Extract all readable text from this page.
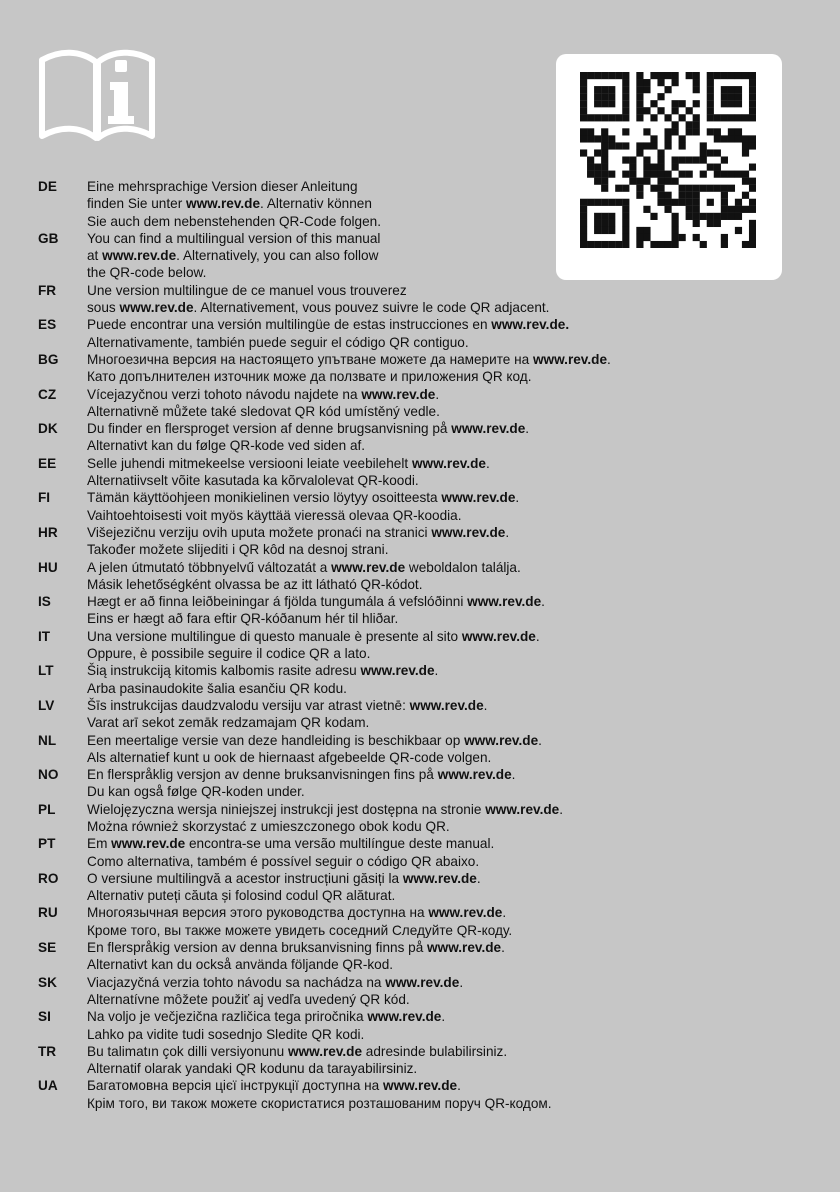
DE	Eine mehrsprachige Version dieser Anleitung
finden Sie unter www.rev.de. Alternativ können
Sie auch dem nebenstehenden QR-Code folgen.
GB	You can find a multilingual version of this manual
at www.rev.de. Alternatively, you can also follow
the QR-code below.
FR	Une version multilingue de ce manuel vous trouverez
sous www.rev.de. Alternativement, vous pouvez suivre le code QR adjacent.
ES	Puede encontrar una versión multilingüe de estas instrucciones en www.rev.de.
Alternativamente, también puede seguir el código QR contiguo.
BG	Многоезична версия на настоящето упътване можете да намерите на www.rev.de.
Като допълнителен източник може да ползвате и приложения QR код.
CZ	Vícejazyčnou verzi tohoto návodu najdete na www.rev.de.
Alternativně můžete také sledovat QR kód umístěný vedle.
DK	Du finder en flersproget version af denne brugsanvisning på www.rev.de.
Alternativt kan du følge QR-kode ved siden af.
EE	Selle juhendi mitmekeelse versiooni leiate veebilehelt www.rev.de.
Alternatiivselt võite kasutada ka kõrvalolevat QR-koodi.
FI	Tämän käyttöohjeen monikielinen versio löytyy osoitteesta www.rev.de.
Vaihtoehtoisesti voit myös käyttää vieressä olevaa QR-koodia.
HR	Višejezičnu verziju ovih uputa možete pronaći na stranici www.rev.de.
Također možete slijediti i QR kôd na desnoj strani.
HU	A jelen útmutató többnyelvű változatát a www.rev.de weboldalon találja.
Másik lehetőségként olvassa be az itt látható QR-kódot.
IS	Hægt er að finna leiðbeiningar á fjölda tungumála á vefslóðinni www.rev.de.
Eins er hægt að fara eftir QR-kóðanum hér til hliðar.
IT	Una versione multilingue di questo manuale è presente al sito www.rev.de.
Oppure, è possibile seguire il codice QR a lato.
LT	Šią instrukciją kitomis kalbomis rasite adresu www.rev.de.
Arba pasinaudokite šalia esančiu QR kodu.
LV	Šīs instrukcijas daudzvalodu versiju var atrast vietnē: www.rev.de.
Varat arī sekot zemāk redzamajam QR kodam.
NL	Een meertalige versie van deze handleiding is beschikbaar op www.rev.de.
Als alternatief kunt u ook de hiernaast afgebeelde QR-code volgen.
NO	En flerspråklig versjon av denne bruksanvisningen fins på www.rev.de.
Du kan også følge QR-koden under.
PL	Wielojęzyczna wersja niniejszej instrukcji jest dostępna na stronie www.rev.de.
Można również skorzystać z umieszczonego obok kodu QR.
PT	Em www.rev.de encontra-se uma versão multilíngue deste manual.
Como alternativa, também é possível seguir o código QR abaixo.
RO	O versiune multilingvă a acestor instrucțiuni găsiți la www.rev.de.
Alternativ puteți căuta și folosind codul QR alăturat.
RU	Многоязычная версия этого руководства доступна на www.rev.de.
Кроме того, вы также можете увидеть соседний Следуйте QR-коду.
SE	En flerspråkig version av denna bruksanvisning finns på www.rev.de.
Alternativt kan du också använda följande QR-kod.
SK	Viacjazyčná verzia tohto návodu sa nachádza na www.rev.de.
Alternatívne môžete použiť aj vedľa uvedený QR kód.
SI	Na voljo je večjezična različica tega priročnika www.rev.de.
Lahko pa vidite tudi sosednjo Sledite QR kodi.
TR	Bu talimatın çok dilli versiyonunu www.rev.de adresinde bulabilirsiniz.
Alternatif olarak yandaki QR kodunu da tarayabilirsiniz.
UA	Багатомовна версія цієї інструкції доступна на www.rev.de.
Крім того, ви також можете скористатися розташованим поруч QR-кодом.
